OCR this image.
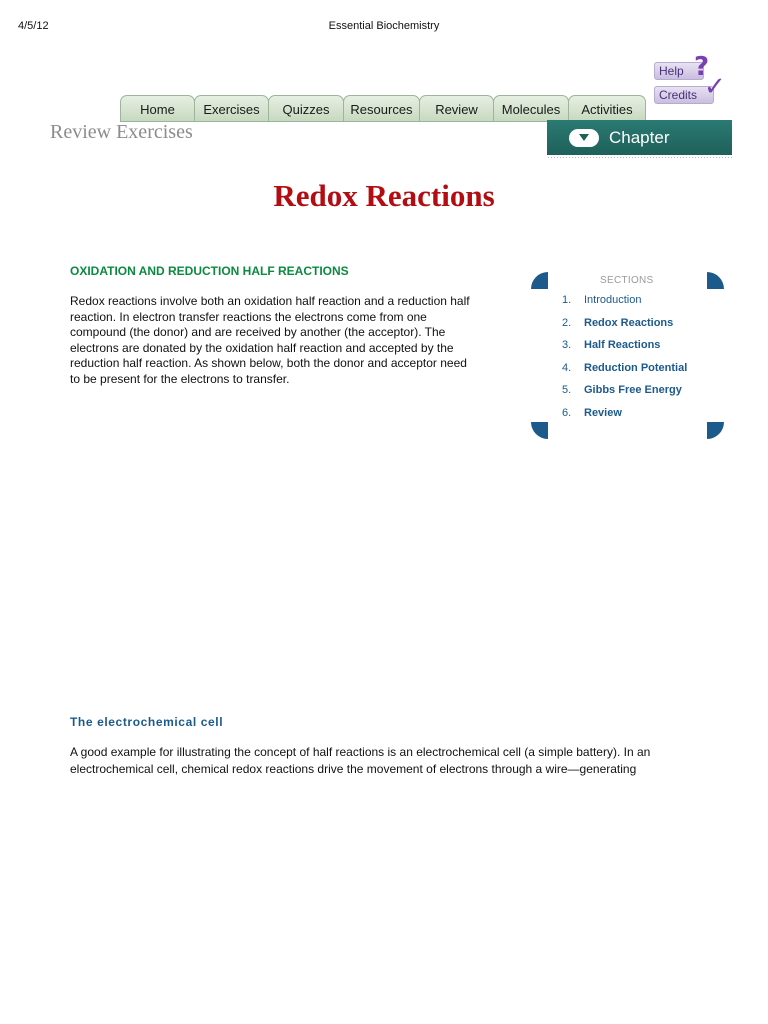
4/5/12	Essential Biochemistry
Help ?
Credits ✓
Home	Exercises	Quizzes	Resources	Review	Molecules	Activities
Review Exercises	Chapter
Redox Reactions
OXIDATION AND REDUCTION HALF REACTIONS
Redox reactions involve both an oxidation half reaction and a reduction half
reaction. In electron transfer reactions the electrons come from one
compound (the donor) and are received by another (the acceptor). The
electrons are donated by the oxidation half reaction and accepted by the
reduction half reaction. As shown below, both the donor and acceptor need
to be present for the electrons to transfer.
SECTIONS
1. Introduction
2. Redox Reactions
3. Half Reactions
4. Reduction Potential
5. Gibbs Free Energy
6. Review
The electrochemical cell
A good example for illustrating the concept of half reactions is an electrochemical cell (a simple battery). In an
electrochemical cell, chemical redox reactions drive the movement of electrons through a wire—generating
